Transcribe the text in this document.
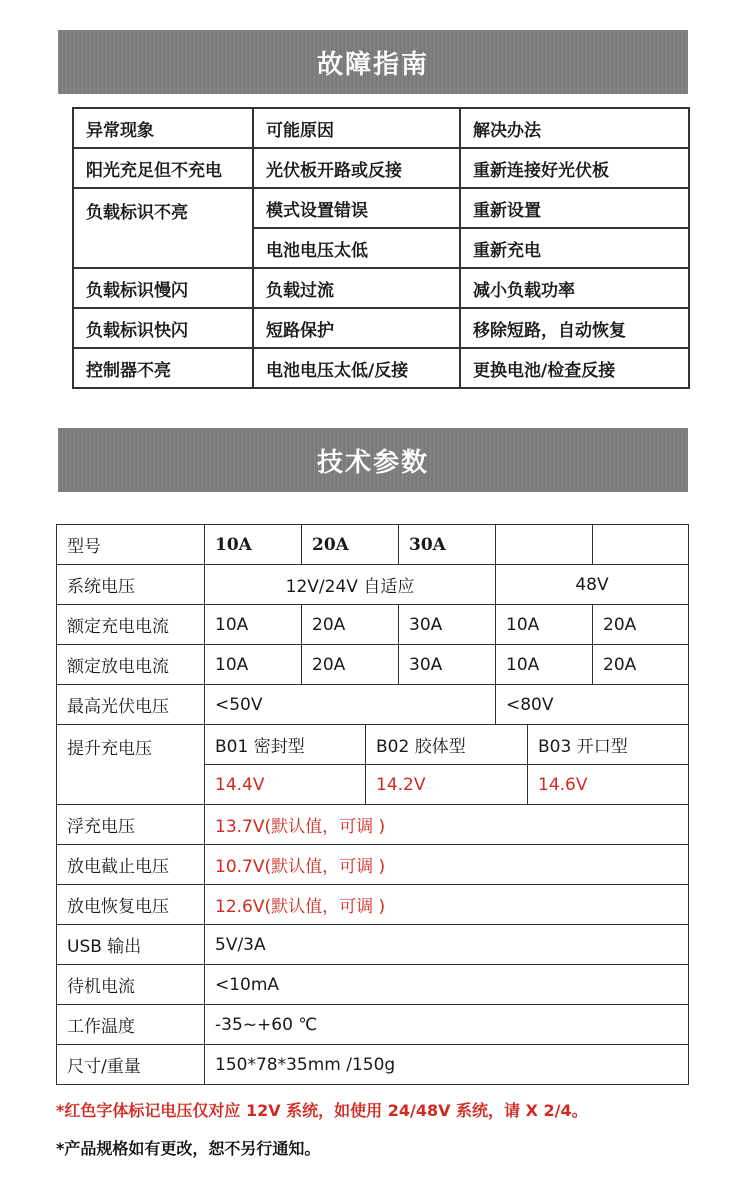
故障指南
异常现象	可能原因	解决办法
阳光充足但不充电	光伏板开路或反接	重新连接好光伏板
负载标识不亮	模式设置错误	重新设置
	电池电压太低	重新充电
负载标识慢闪	负载过流	减小负载功率
负载标识快闪	短路保护	移除短路，自动恢复
控制器不亮	电池电压太低/反接	更换电池/检查反接
技术参数
型号	10A	20A	30A		
系统电压	12V/24V 自适应			48V	
额定充电电流	10A	20A	30A	10A	20A
额定放电电流	10A	20A	30A	10A	20A
最高光伏电压	<50V			<80V	
提升充电压	B01 密封型	B02 胶体型	B03 开口型
	14.4V	14.2V	14.6V
浮充电压	13.7V(默认值，可调 )
放电截止电压	10.7V(默认值，可调 )
放电恢复电压	12.6V(默认值，可调 )
USB 输出	5V/3A
待机电流	<10mA
工作温度	-35~+60 ℃
尺寸/重量	150*78*35mm /150g
*红色字体标记电压仅对应 12V 系统，如使用 24/48V 系统，请 X 2/4。
*产品规格如有更改，恕不另行通知。
